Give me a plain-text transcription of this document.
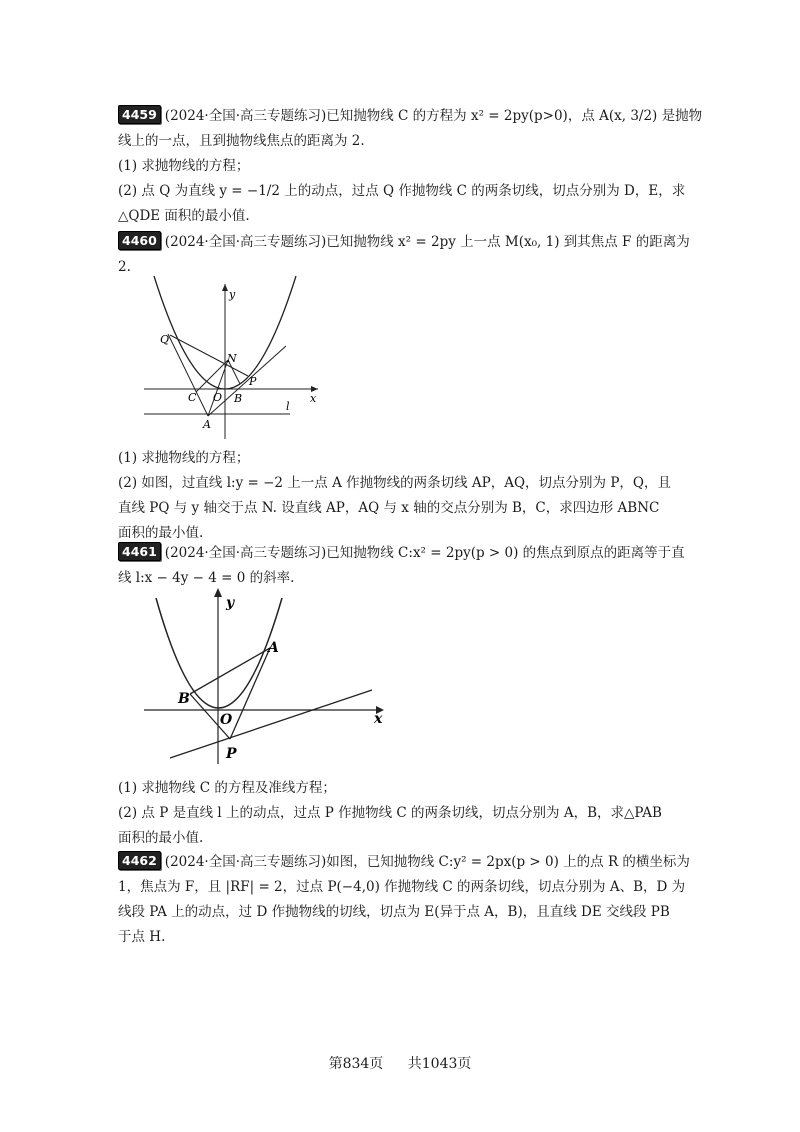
4459 (2024·全国·高三专题练习)已知抛物线 C 的方程为 x² = 2py(p>0)，点 A(x, 3/2) 是抛物
线上的一点，且到抛物线焦点的距离为 2.
(1) 求抛物线的方程；
(2) 点 Q 为直线 y = −1/2 上的动点，过点 Q 作抛物线 C 的两条切线，切点分别为 D，E，求
△QDE 面积的最小值.
4460 (2024·全国·高三专题练习)已知抛物线 x² = 2py 上一点 M(x₀, 1) 到其焦点 F 的距离为
2.
Q
N
P
C O B
A
l
x
y
(1) 求抛物线的方程；
(2) 如图，过直线 l:y = −2 上一点 A 作抛物线的两条切线 AP，AQ，切点分别为 P，Q，且
直线 PQ 与 y 轴交于点 N. 设直线 AP，AQ 与 x 轴的交点分别为 B，C，求四边形 ABNC
面积的最小值.
4461 (2024·全国·高三专题练习)已知抛物线 C:x² = 2py(p > 0) 的焦点到原点的距离等于直
线 l:x − 4y − 4 = 0 的斜率.
y
A
B
O	x
P
(1) 求抛物线 C 的方程及准线方程；
(2) 点 P 是直线 l 上的动点，过点 P 作抛物线 C 的两条切线，切点分别为 A，B，求△PAB
面积的最小值.
4462 (2024·全国·高三专题练习)如图，已知抛物线 C:y² = 2px(p > 0) 上的点 R 的横坐标为
1，焦点为 F，且 |RF| = 2，过点 P(−4,0) 作抛物线 C 的两条切线，切点分别为 A、B，D 为
线段 PA 上的动点，过 D 作抛物线的切线，切点为 E(异于点 A，B)，且直线 DE 交线段 PB
于点 H.
第834页 共1043页
